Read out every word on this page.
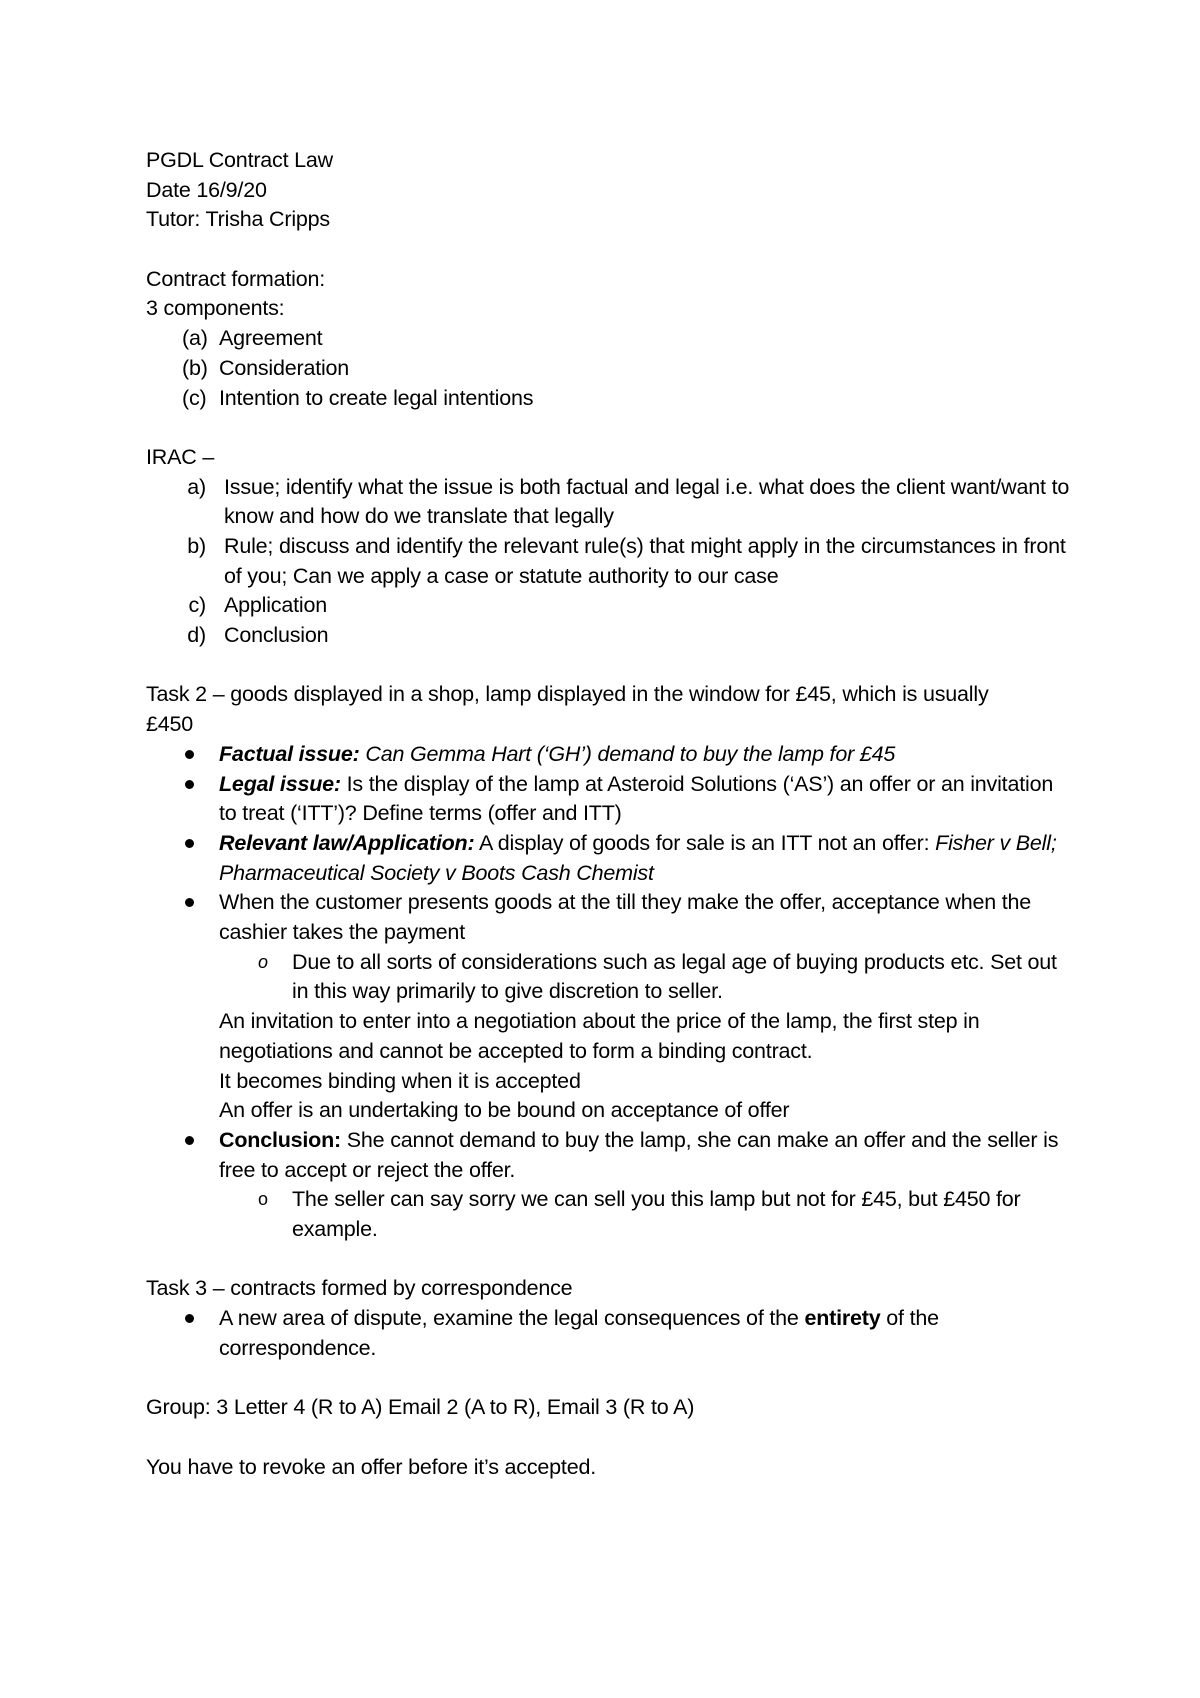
PGDL Contract Law
Date 16/9/20
Tutor: Trisha Cripps
Contract formation:
3 components:
(a) Agreement
(b) Consideration
(c) Intention to create legal intentions
IRAC –
a) Issue; identify what the issue is both factual and legal i.e. what does the client want/want to know and how do we translate that legally
b) Rule; discuss and identify the relevant rule(s) that might apply in the circumstances in front of you; Can we apply a case or statute authority to our case
c) Application
d) Conclusion
Task 2 – goods displayed in a shop, lamp displayed in the window for £45, which is usually
£450
Factual issue: Can Gemma Hart (‘GH’) demand to buy the lamp for £45
Legal issue: Is the display of the lamp at Asteroid Solutions (‘AS’) an offer or an invitation to treat (‘ITT’)? Define terms (offer and ITT)
Relevant law/Application: A display of goods for sale is an ITT not an offer: Fisher v Bell; Pharmaceutical Society v Boots Cash Chemist
When the customer presents goods at the till they make the offer, acceptance when the cashier takes the payment
o Due to all sorts of considerations such as legal age of buying products etc. Set out in this way primarily to give discretion to seller.
An invitation to enter into a negotiation about the price of the lamp, the first step in negotiations and cannot be accepted to form a binding contract.
It becomes binding when it is accepted
An offer is an undertaking to be bound on acceptance of offer
Conclusion: She cannot demand to buy the lamp, she can make an offer and the seller is free to accept or reject the offer.
o The seller can say sorry we can sell you this lamp but not for £45, but £450 for example.
Task 3 – contracts formed by correspondence
A new area of dispute, examine the legal consequences of the entirety of the correspondence.
Group: 3 Letter 4 (R to A) Email 2 (A to R), Email 3 (R to A)
You have to revoke an offer before it’s accepted.
